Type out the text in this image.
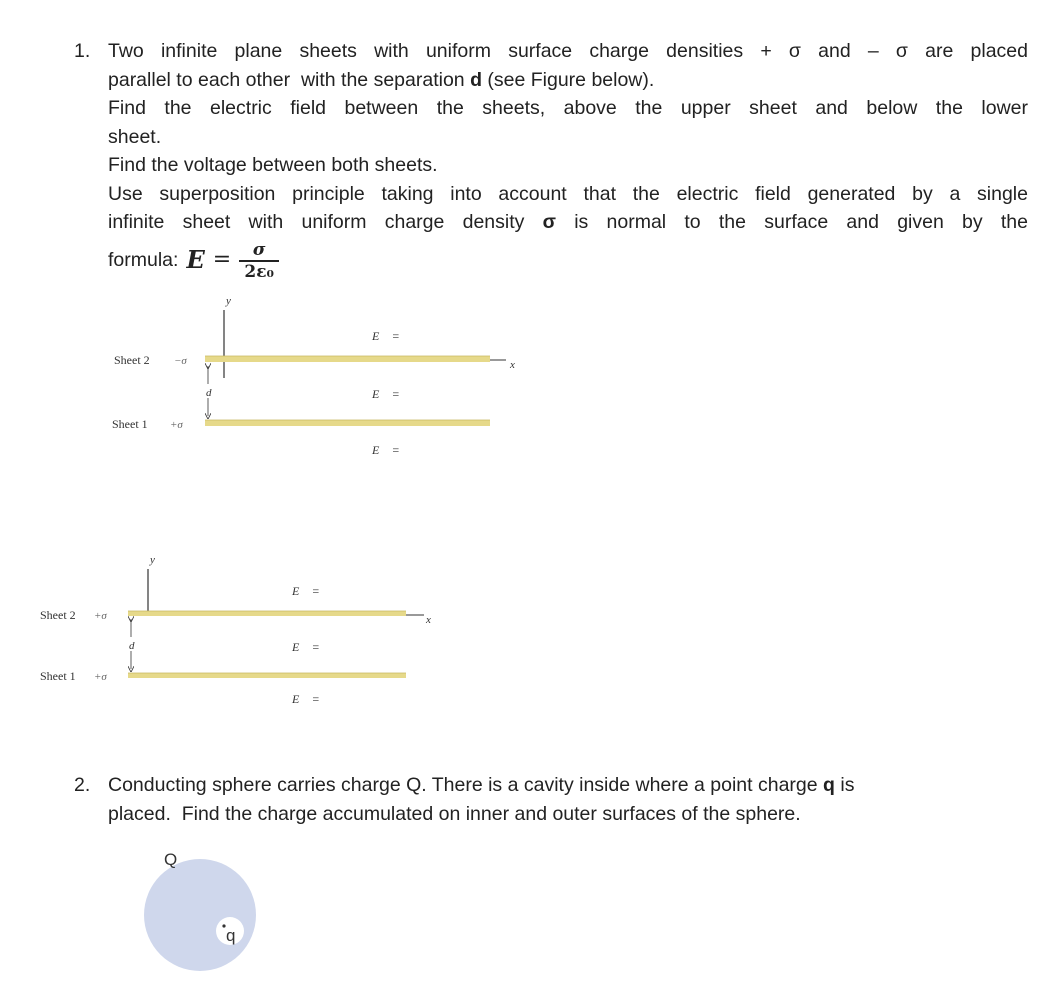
1. Two infinite plane sheets with uniform surface charge densities + σ and – σ are placed
parallel to each other  with the separation d (see Figure below).
Find the electric field between the sheets, above the upper sheet and below the lower
sheet.
Find the voltage between both sheets.
Use superposition principle taking into account that the electric field generated by a single
infinite sheet with uniform charge density σ is normal to the surface and given by the
formula: $E = \frac{\sigma}{\text{2ε₀}}$
y
x
Sheet 2 −σ
Sheet 1 +σ
d
E⃗ =
E⃗ =
E⃗ =
y
x
Sheet 2 +σ
Sheet 1 +σ
d
E⃗ =
E⃗ =
E⃗ =
2. Conducting sphere carries charge Q. There is a cavity inside where a point charge q is
placed.  Find the charge accumulated on inner and outer surfaces of the sphere.
q
Q
